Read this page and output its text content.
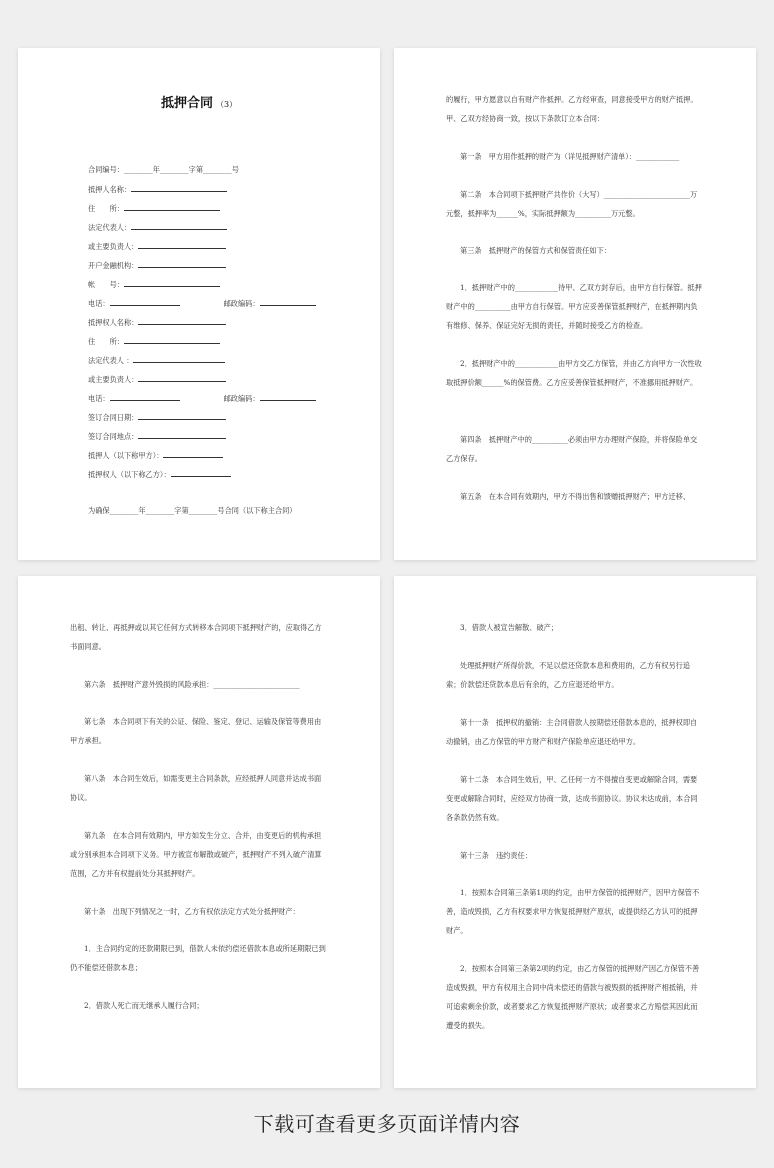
抵押合同 （3）
合同编号：________年________字第________号
抵押人名称：
住　　所：
法定代表人：
或主要负责人：
开户金融机构：
帐　　号：
电话：	邮政编码：
抵押权人名称：
住　　所：
法定代表人 ：
或主要负责人：
电话：	邮政编码：
签订合同日期：
签订合同地点：
抵押人（以下称甲方）：
抵押权人（以下称乙方）：
为确保________年________字第________号合同（以下称主合同）
的履行，甲方愿意以自有财产作抵押。乙方经审查，同意接受甲方的财产抵押。甲、乙双方经协商一致，按以下条款订立本合同：
第一条　甲方用作抵押的财产为（详见抵押财产清单）：____________
第二条　本合同项下抵押财产共作价（大写）________________________万元整，抵押率为______%，实际抵押额为__________万元整。
第三条　抵押财产的保管方式和保管责任如下：
1．抵押财产中的____________待甲、乙双方封存后，由甲方自行保管。抵押财产中的__________由甲方自行保管。甲方应妥善保管抵押财产，在抵押期内负有维修、保养、保证完好无损的责任，并随时接受乙方的检查。
2．抵押财产中的____________由甲方交乙方保管，并由乙方向甲方一次性收取抵押价额______%的保管费。乙方应妥善保管抵押财产，不准挪用抵押财产。
第四条　抵押财产中的__________必须由甲方办理财产保险，并将保险单交乙方保存。
第五条　在本合同有效期内，甲方不得出售和馈赠抵押财产；甲方迁移、
出租、转让、再抵押或以其它任何方式转移本合同项下抵押财产的，应取得乙方书面同意。
第六条　抵押财产意外毁损的风险承担：________________________
第七条　本合同项下有关的公证、保险、鉴定、登记、运输及保管等费用由甲方承担。
第八条　本合同生效后，如需变更主合同条款，应经抵押人同意并达成书面协议。
第九条　在本合同有效期内，甲方如发生分立、合并，由变更后的机构承担或分别承担本合同项下义务。甲方被宣布解散或破产，抵押财产不列入破产清算范围，乙方并有权提前处分其抵押财产。
第十条　出现下列情况之一时，乙方有权依法定方式处分抵押财产：
1．主合同约定的还款期限已到，借款人未依约偿还借款本息或所延期限已到仍不能偿还借款本息；
2．借款人死亡而无继承人履行合同；
3．借款人被宣告解散、破产；
处理抵押财产所得价款，不足以偿还贷款本息和费用的，乙方有权另行追索；价款偿还贷款本息后有余的，乙方应退还给甲方。
第十一条　抵押权的撤销：主合同借款人按期偿还借款本息的，抵押权即自动撤销，由乙方保管的甲方财产和财产保险单应退还给甲方。
第十二条　本合同生效后，甲、乙任何一方不得擅自变更或解除合同，需要变更或解除合同时，应经双方协商一致，达成书面协议。协议未达成前，本合同各条款仍然有效。
第十三条　违约责任：
1．按照本合同第三条第1项的约定，由甲方保管的抵押财产，因甲方保管不善，造成毁损，乙方有权要求甲方恢复抵押财产原状，或提供经乙方认可的抵押财产。
2．按照本合同第三条第2项的约定，由乙方保管的抵押财产因乙方保管不善造成毁损，甲方有权用主合同中尚未偿还的借款与被毁损的抵押财产相抵销，并可追索剩余价款，或者要求乙方恢复抵押财产原状；或者要求乙方赔偿其因此而遭受的损失。
下载可查看更多页面详情内容
